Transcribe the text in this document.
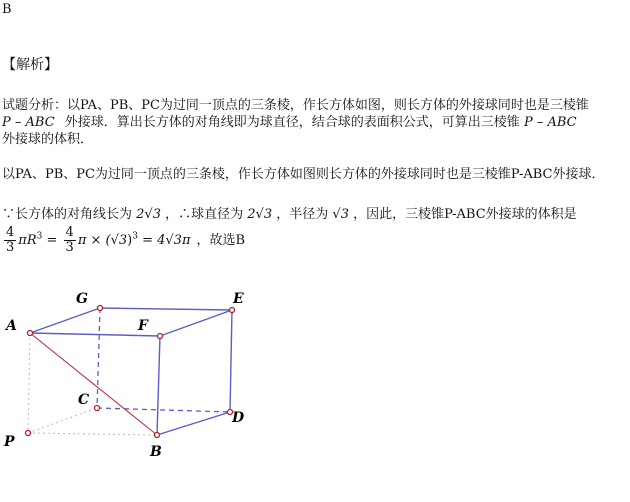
B
【解析】
试题分析：以PA、PB、PC为过同一顶点的三条棱，作长方体如图，则长方体的外接球同时也是三棱锥
P – ABC 外接球．算出长方体的对角线即为球直径，结合球的表面积公式，可算出三棱锥 P – ABC
外接球的体积．
以PA、PB、PC为过同一顶点的三条棱，作长方体如图则长方体的外接球同时也是三棱锥P-ABC外接球．
∵长方体的对角线长为 2√3 ，∴球直径为 2√3 ，半径为 √3 ，因此，三棱锥P-ABC外接球的体积是
$\frac{4}{3} \pi R^3 = \frac{4}{3}$ $\pi \times (√3)^3 = 4√3\pi$ ，故选B
G	E
A	F
C
D
P
B
